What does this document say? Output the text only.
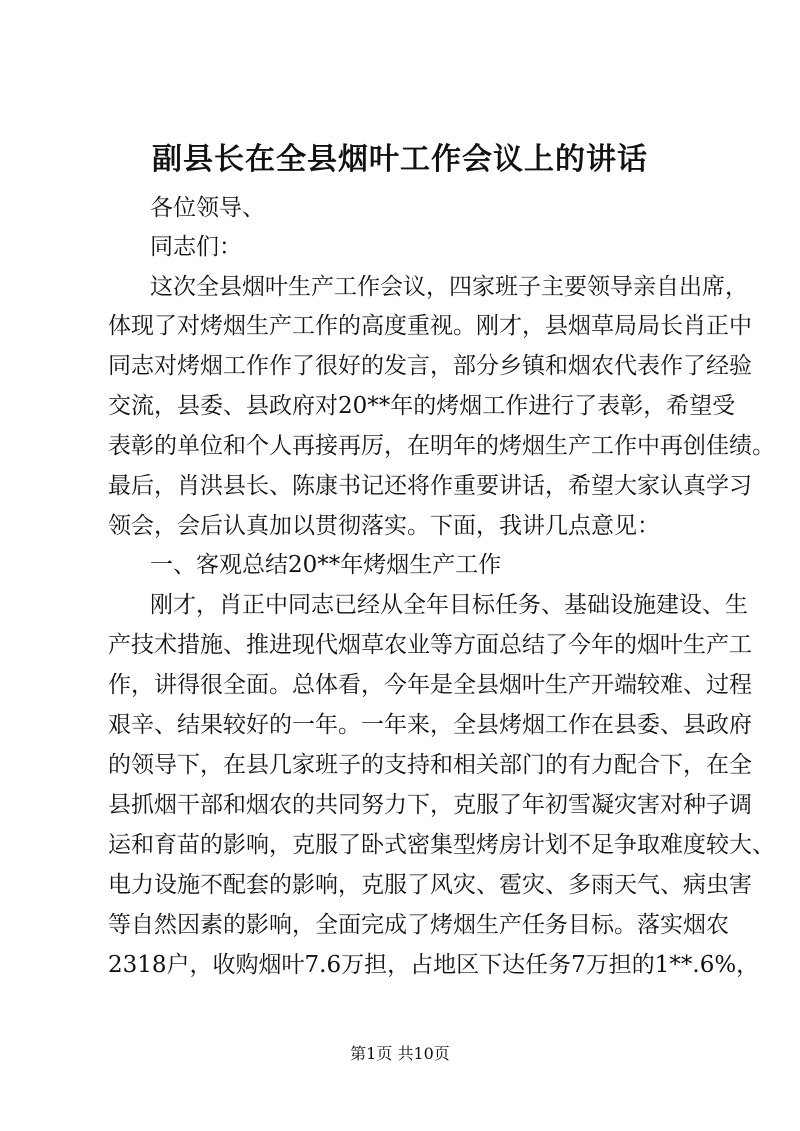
副县长在全县烟叶工作会议上的讲话
各位领导、
同志们：
这次全县烟叶生产工作会议，四家班子主要领导亲自出席，
体现了对烤烟生产工作的高度重视。刚才，县烟草局局长肖正中
同志对烤烟工作作了很好的发言，部分乡镇和烟农代表作了经验
交流，县委、县政府对20**年的烤烟工作进行了表彰，希望受
表彰的单位和个人再接再厉，在明年的烤烟生产工作中再创佳绩。
最后，肖洪县长、陈康书记还将作重要讲话，希望大家认真学习
领会，会后认真加以贯彻落实。下面，我讲几点意见：
一、客观总结20**年烤烟生产工作
刚才，肖正中同志已经从全年目标任务、基础设施建设、生
产技术措施、推进现代烟草农业等方面总结了今年的烟叶生产工
作，讲得很全面。总体看，今年是全县烟叶生产开端较难、过程
艰辛、结果较好的一年。一年来，全县烤烟工作在县委、县政府
的领导下，在县几家班子的支持和相关部门的有力配合下，在全
县抓烟干部和烟农的共同努力下，克服了年初雪凝灾害对种子调
运和育苗的影响，克服了卧式密集型烤房计划不足争取难度较大、
电力设施不配套的影响，克服了风灾、雹灾、多雨天气、病虫害
等自然因素的影响，全面完成了烤烟生产任务目标。落实烟农
2318户，收购烟叶7.6万担，占地区下达任务7万担的1**.6%，
第1页 共10页
